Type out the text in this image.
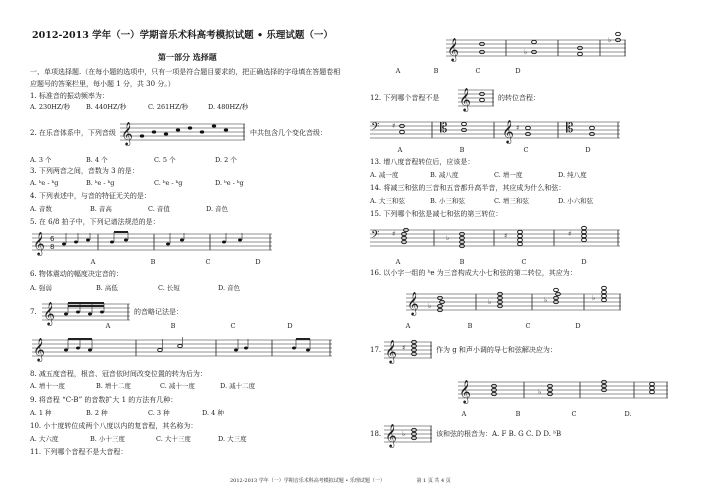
2012-2013 学年（一）学期音乐术科高考模拟试题 • 乐理试题（一）
第一部分 选择题
一、单项选择题.（在每小题的选项中，只有一项是符合题目要求的，把正确选择的字母填在答题卷相
应题号的答案栏里，每小题 1 分，共 30 分。）
1. 标准音的振动频率为：
A. 230HZ/秒 B. 440HZ/秒	C. 261HZ/秒	D. 480HZ/秒
2. 在乐音体系中，下列音级 𝄞	中共包含几个变化音级：
A. 3 个	B. 4 个	C. 5 个	D. 2 个
3. 下列两音之间，音数为 3 的是：
A. ᵇe - ᵇg	B. ᵇe - ᵇg	C. ᵇe - ᵇg	D. ᵇe - ᵇg
4. 下列表述中，与音的特征无关的是：
A. 音数	B. 音高	C. 音值	D. 音色
5. 在 6/8 拍子中，下列记谱法规范的是：
𝄞 6
8
A	B	C	D
6. 物体震动的幅度决定音的：
A. 强弱	B. 高低	C. 长短	D. 音色
7. 𝄞	的音略记法是：
A	B	C	D
𝄞
8. 减五度音程，根音、冠音依时间改变位置的转为后为：
A. 增十一度	B. 增十二度	C. 减十一度	D. 减十二度
9. 将音程 “C-B” 的音数扩大 1 的方法有几种：
A. 1 种	B. 2 种	C. 3 种	D. 4 种
10. 小十度转位成两个八度以内的复音程，其名称为：
A. 大六度	B. 小十三度	C. 大十三度	D. 大三度
11. 下列哪个音程不是大音程：
𝄞	♭
♭
A	B	C	D
12. 下列哪个音程不是 𝄞	的转位音程：
𝄢 ♯	𝄡	𝄞 ♯	𝄡
A	B	C	D
13. 增八度音程转位后，应该是：
A. 减一度	B. 减八度	C. 增一度	D. 纯八度
14. 将减三和弦的三音和五音都升高半音，其应成为什么和弦：
A. 大三和弦	B. 小三和弦	C. 增三和弦	D. 小六和弦
15. 下列哪个和弦是减七和弦的第三转位：
𝄢 ♯	♭	♯	♯
A	B	C	D
16. 以小字一组的 ᵇe 为三音构成大小七和弦的第二转位，其应为：
𝄞 ♭	♭	♭	♭
A	B	C	D
17. 𝄞 ♯	作为 g 和声小调的导七和弦解决应为：
𝄞	♭
A	B	C	D.
18. 𝄞 ♭	该和弦的根音为：A. F B. G C. D D. ᵇB
2012-2013 学年（一）学期音乐术科高考模拟试题 • 乐理试题（一）	第 1 页 共 4 页
